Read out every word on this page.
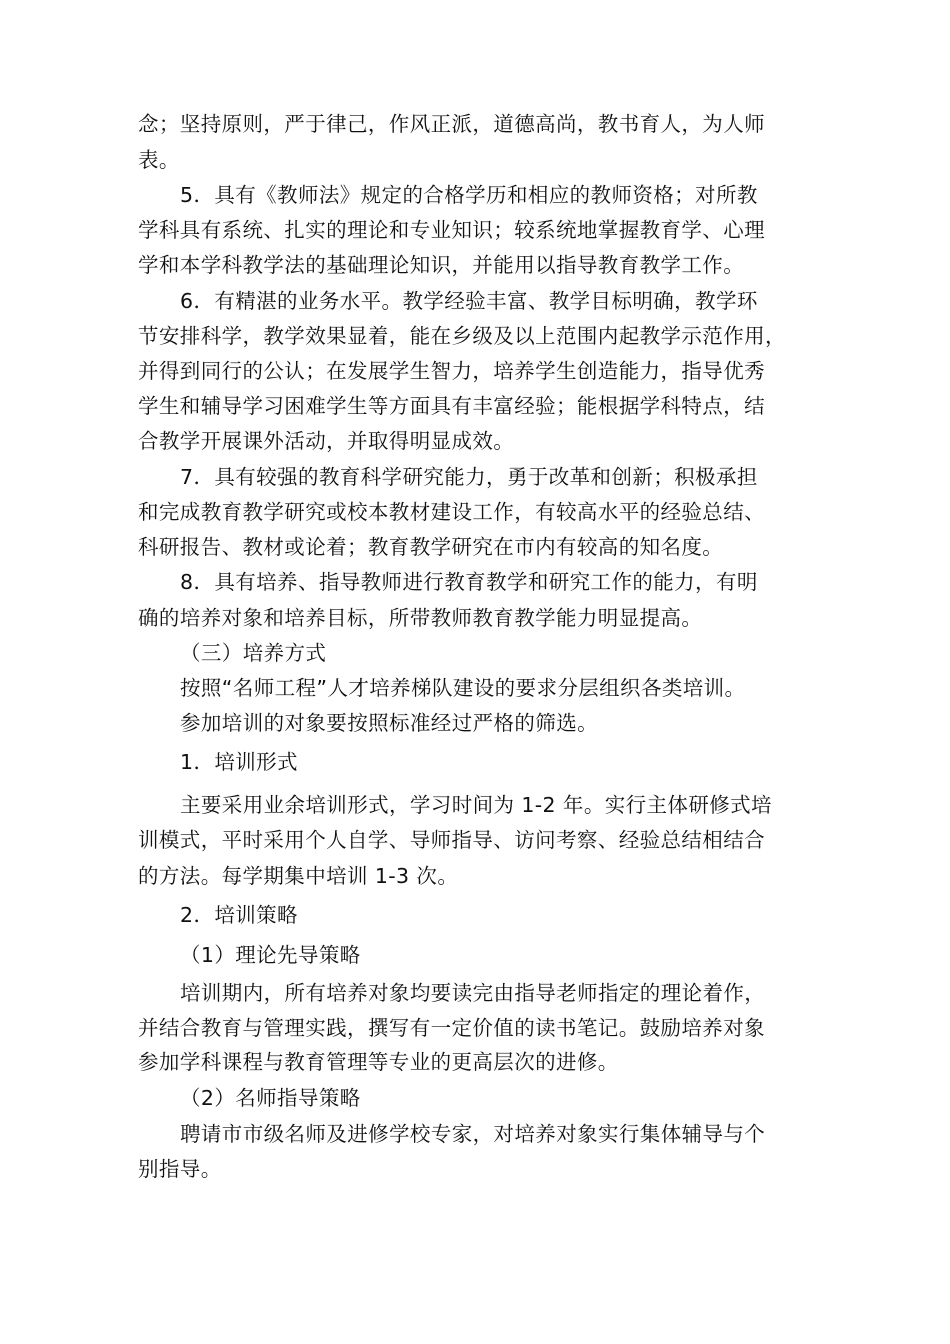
念；坚持原则，严于律己，作风正派，道德高尚，教书育人，为人师
表。
5．具有《教师法》规定的合格学历和相应的教师资格；对所教
学科具有系统、扎实的理论和专业知识；较系统地掌握教育学、心理
学和本学科教学法的基础理论知识，并能用以指导教育教学工作。
6．有精湛的业务水平。教学经验丰富、教学目标明确，教学环
节安排科学，教学效果显着，能在乡级及以上范围内起教学示范作用，
并得到同行的公认；在发展学生智力，培养学生创造能力，指导优秀
学生和辅导学习困难学生等方面具有丰富经验；能根据学科特点，结
合教学开展课外活动，并取得明显成效。
7．具有较强的教育科学研究能力，勇于改革和创新；积极承担
和完成教育教学研究或校本教材建设工作，有较高水平的经验总结、
科研报告、教材或论着；教育教学研究在市内有较高的知名度。
8．具有培养、指导教师进行教育教学和研究工作的能力，有明
确的培养对象和培养目标，所带教师教育教学能力明显提高。
（三）培养方式
按照“名师工程”人才培养梯队建设的要求分层组织各类培训。
参加培训的对象要按照标准经过严格的筛选。
1．培训形式
主要采用业余培训形式，学习时间为 1-2 年。实行主体研修式培
训模式，平时采用个人自学、导师指导、访问考察、经验总结相结合
的方法。每学期集中培训 1-3 次。
2．培训策略
（1）理论先导策略
培训期内，所有培养对象均要读完由指导老师指定的理论着作，
并结合教育与管理实践，撰写有一定价值的读书笔记。鼓励培养对象
参加学科课程与教育管理等专业的更高层次的进修。
（2）名师指导策略
聘请市市级名师及进修学校专家，对培养对象实行集体辅导与个
别指导。
